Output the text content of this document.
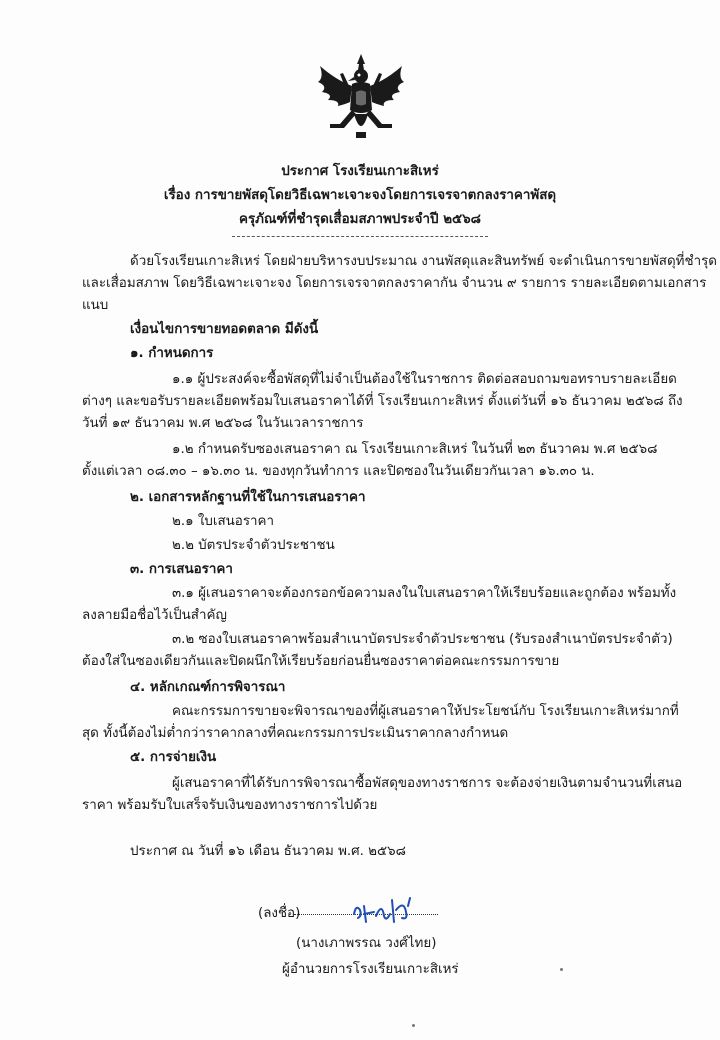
ประกาศ โรงเรียนเกาะสิเหร่
เรื่อง การขายพัสดุโดยวิธีเฉพาะเจาะจงโดยการเจรจาตกลงราคาพัสดุ
ครุภัณฑ์ที่ชำรุดเสื่อมสภาพประจำปี ๒๕๖๘
ด้วยโรงเรียนเกาะสิเหร่ โดยฝ่ายบริหารงบประมาณ งานพัสดุและสินทรัพย์ จะดำเนินการขายพัสดุที่ชำรุด
และเสื่อมสภาพ โดยวิธีเฉพาะเจาะจง โดยการเจรจาตกลงราคากัน จำนวน ๙ รายการ รายละเอียดตามเอกสาร
แนบ
เงื่อนไขการขายทอดตลาด มีดังนี้
๑. กำหนดการ
๑.๑ ผู้ประสงค์จะซื้อพัสดุที่ไม่จำเป็นต้องใช้ในราชการ ติดต่อสอบถามขอทราบรายละเอียด
ต่างๆ และขอรับรายละเอียดพร้อมใบเสนอราคาได้ที่ โรงเรียนเกาะสิเหร่ ตั้งแต่วันที่ ๑๖ ธันวาคม ๒๕๖๘ ถึง
วันที่ ๑๙ ธันวาคม พ.ศ ๒๕๖๘ ในวันเวลาราชการ
๑.๒ กำหนดรับซองเสนอราคา ณ โรงเรียนเกาะสิเหร่ ในวันที่ ๒๓ ธันวาคม พ.ศ ๒๕๖๘
ตั้งแต่เวลา ๐๘.๓๐ – ๑๖.๓๐ น. ของทุกวันทำการ และปิดซองในวันเดียวกันเวลา ๑๖.๓๐ น.
๒. เอกสารหลักฐานที่ใช้ในการเสนอราคา
๒.๑ ใบเสนอราคา
๒.๒ บัตรประจำตัวประชาชน
๓. การเสนอราคา
๓.๑ ผู้เสนอราคาจะต้องกรอกข้อความลงในใบเสนอราคาให้เรียบร้อยและถูกต้อง พร้อมทั้ง
ลงลายมือชื่อไว้เป็นสำคัญ
๓.๒ ซองใบเสนอราคาพร้อมสำเนาบัตรประจำตัวประชาชน (รับรองสำเนาบัตรประจำตัว)
ต้องใส่ในซองเดียวกันและปิดผนึกให้เรียบร้อยก่อนยื่นซองราคาต่อคณะกรรมการขาย
๔. หลักเกณฑ์การพิจารณา
คณะกรรมการขายจะพิจารณาของที่ผู้เสนอราคาให้ประโยชน์กับ โรงเรียนเกาะสิเหร่มากที่
สุด ทั้งนี้ต้องไม่ต่ำกว่าราคากลางที่คณะกรรมการประเมินราคากลางกำหนด
๕. การจ่ายเงิน
ผู้เสนอราคาที่ได้รับการพิจารณาซื้อพัสดุของทางราชการ จะต้องจ่ายเงินตามจำนวนที่เสนอ
ราคา พร้อมรับใบเสร็จรับเงินของทางราชการไปด้วย
ประกาศ ณ วันที่ ๑๖ เดือน ธันวาคม พ.ศ. ๒๕๖๘
(ลงชื่อ)
(นางเภาพรรณ วงศ์ไทย)
ผู้อำนวยการโรงเรียนเกาะสิเหร่
